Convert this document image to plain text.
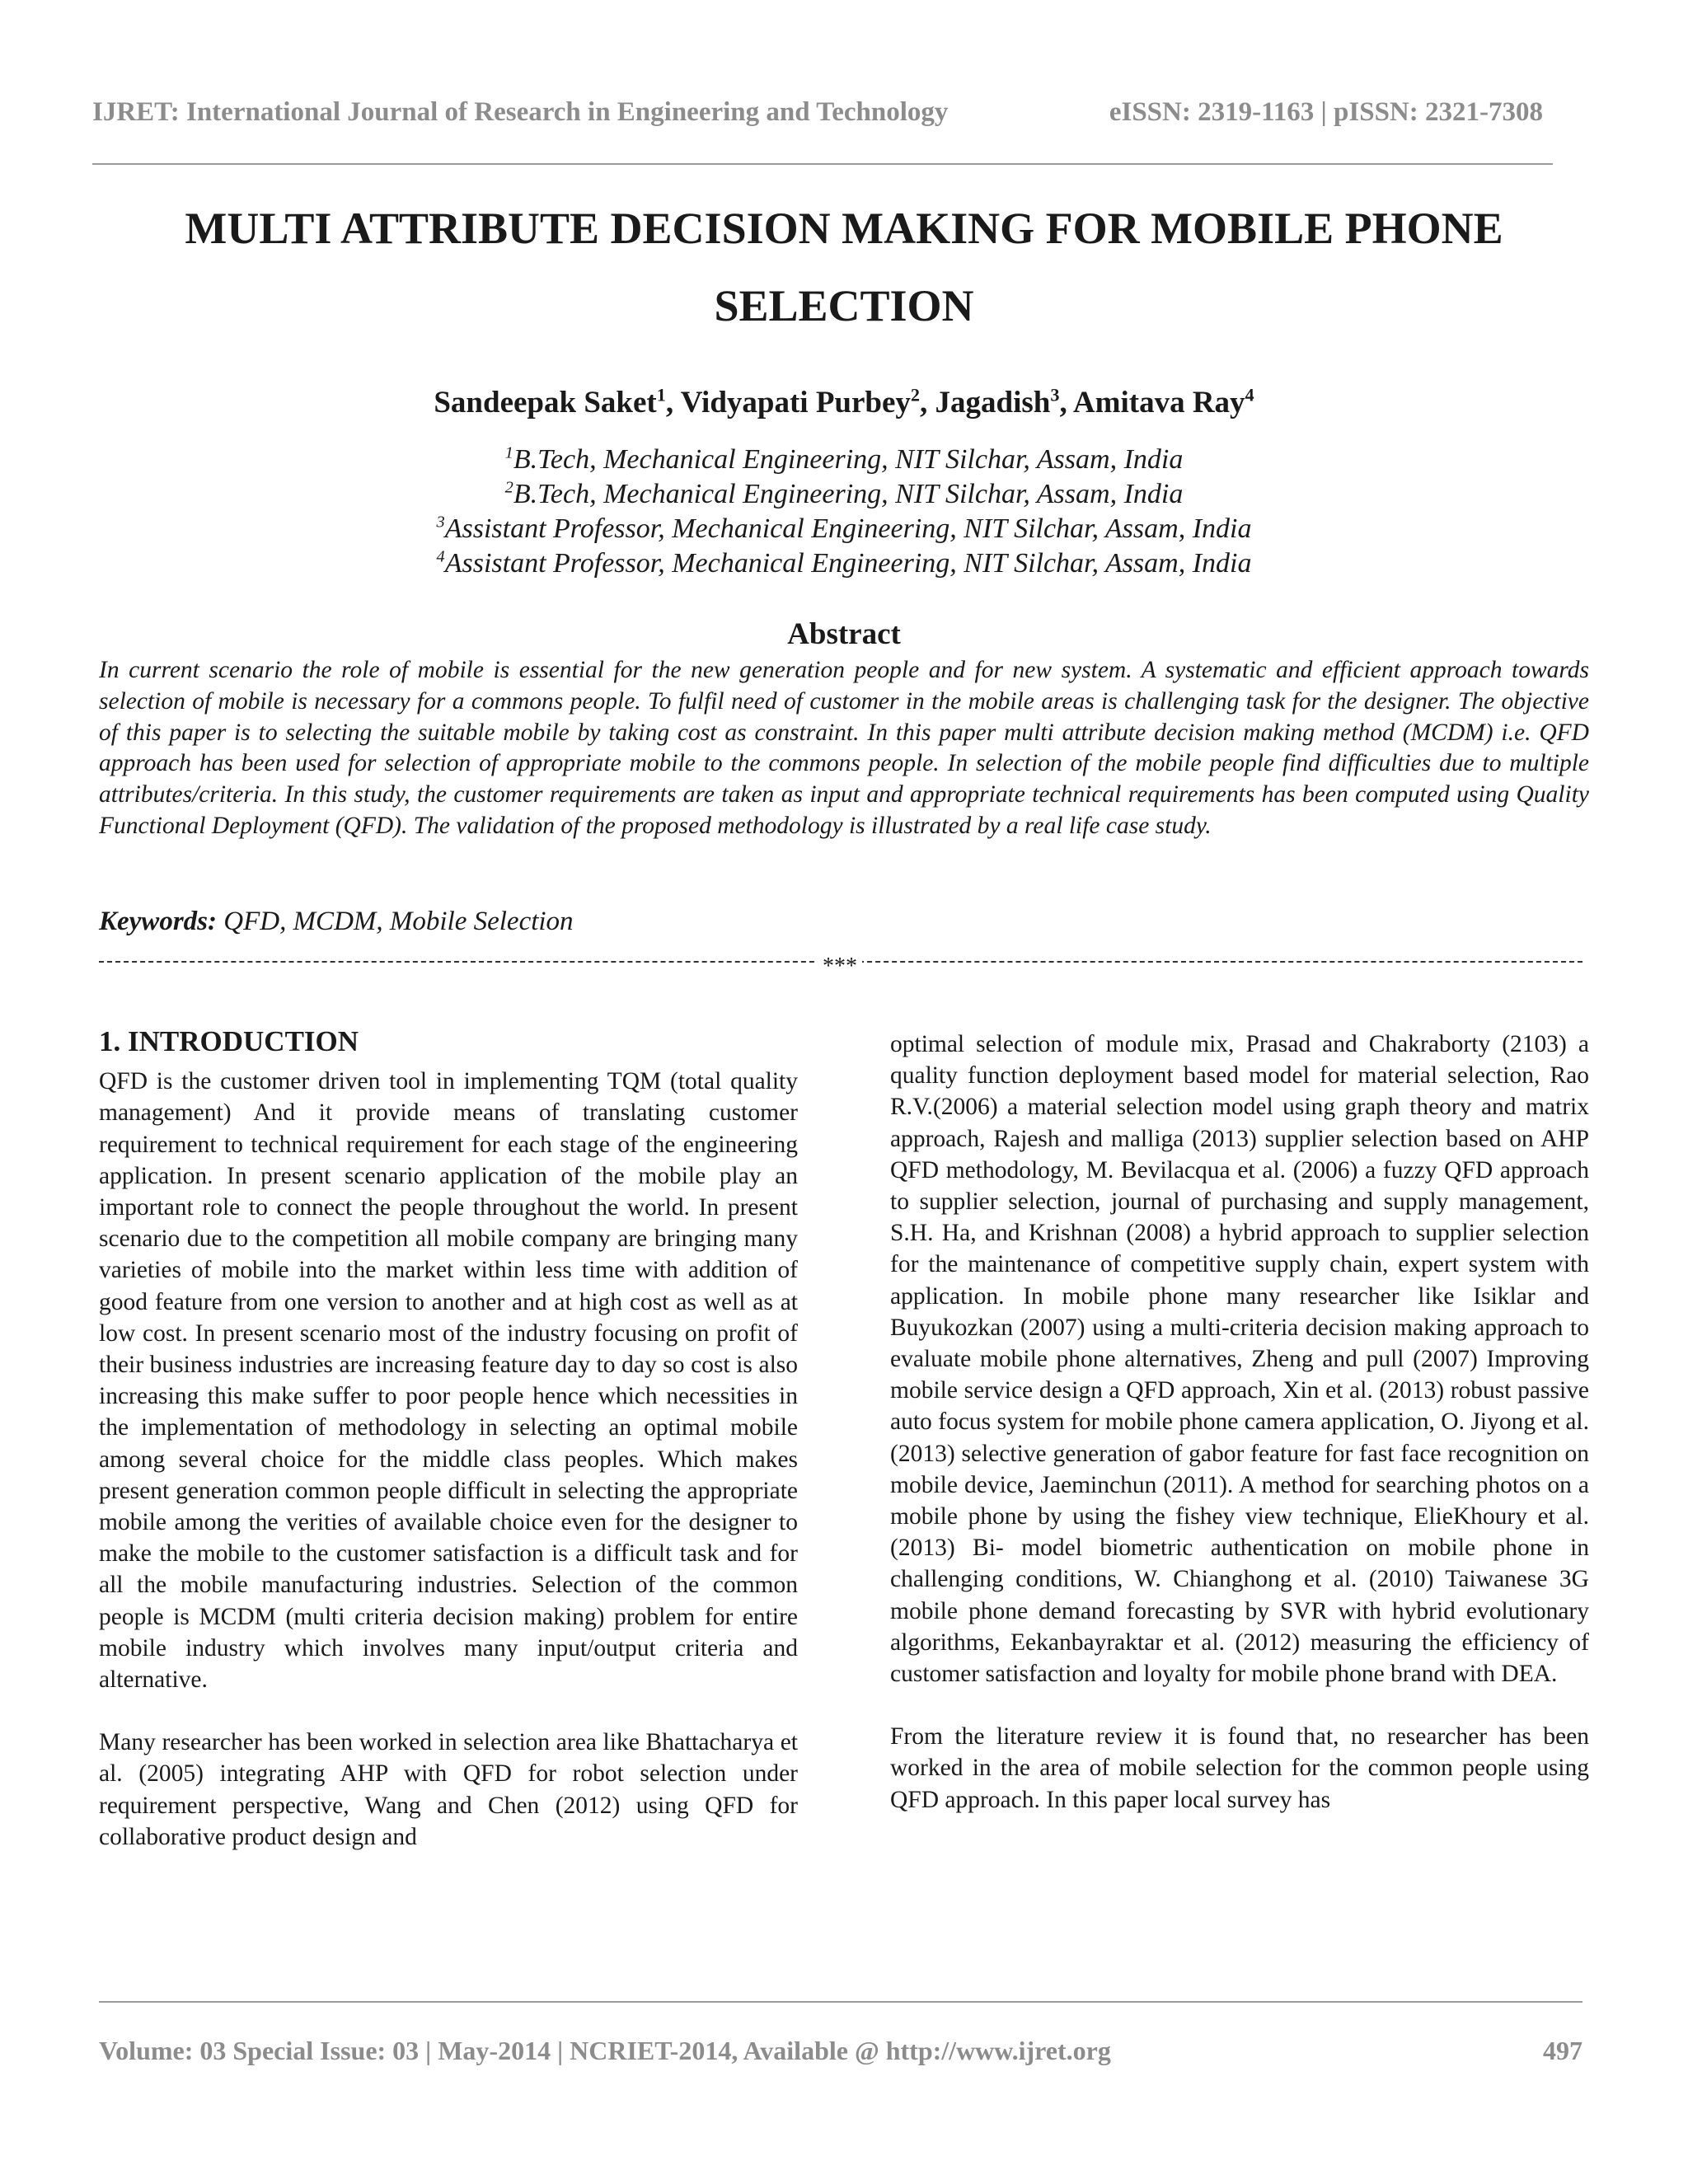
IJRET: International Journal of Research in Engineering and Technology	eISSN: 2319-1163 | pISSN: 2321-7308
MULTI ATTRIBUTE DECISION MAKING FOR MOBILE PHONE
SELECTION
Sandeepak Saket$^1$, Vidyapati Purbey$^2$, Jagadish$^3$, Amitava Ray$^4$
$^1$B.Tech, Mechanical Engineering, NIT Silchar, Assam, India
$^2$B.Tech, Mechanical Engineering, NIT Silchar, Assam, India
$^3$Assistant Professor, Mechanical Engineering, NIT Silchar, Assam, India
$^4$Assistant Professor, Mechanical Engineering, NIT Silchar, Assam, India
Abstract
In current scenario the role of mobile is essential for the new generation people and for new system. A systematic and efficient approach towards selection of mobile is necessary for a commons people. To fulfil need of customer in the mobile areas is challenging task for the designer. The objective of this paper is to selecting the suitable mobile by taking cost as constraint. In this paper multi attribute decision making method (MCDM) i.e. QFD approach has been used for selection of appropriate mobile to the commons people. In selection of the mobile people find difficulties due to multiple attributes/criteria. In this study, the customer requirements are taken as input and appropriate technical requirements has been computed using Quality Functional Deployment (QFD). The validation of the proposed methodology is illustrated by a real life case study.
Keywords: QFD, MCDM, Mobile Selection
***
1. INTRODUCTION

QFD is the customer driven tool in implementing TQM (total quality management) And it provide means of translating customer requirement to technical requirement for each stage of the engineering application. In present scenario application of the mobile play an important role to connect the people throughout the world. In present scenario due to the competition all mobile company are bringing many varieties of mobile into the market within less time with addition of good feature from one version to another and at high cost as well as at low cost. In present scenario most of the industry focusing on profit of their business industries are increasing feature day to day so cost is also increasing this make suffer to poor people hence which necessities in the implementation of methodology in selecting an optimal mobile among several choice for the middle class peoples. Which makes present generation common people difficult in selecting the appropriate mobile among the verities of available choice even for the designer to make the mobile to the customer satisfaction is a difficult task and for all the mobile manufacturing industries. Selection of the common people is MCDM (multi criteria decision making) problem for entire mobile industry which involves many input/output criteria and alternative.

Many researcher has been worked in selection area like Bhattacharya et al. (2005) integrating AHP with QFD for robot selection under requirement perspective, Wang and Chen (2012) using QFD for collaborative product design and

optimal selection of module mix, Prasad and Chakraborty (2103) a quality function deployment based model for material selection, Rao R.V.(2006) a material selection model using graph theory and matrix approach, Rajesh and malliga (2013) supplier selection based on AHP QFD methodology, M. Bevilacqua et al. (2006) a fuzzy QFD approach to supplier selection, journal of purchasing and supply management, S.H. Ha, and Krishnan (2008) a hybrid approach to supplier selection for the maintenance of competitive supply chain, expert system with application. In mobile phone many researcher like Isiklar and Buyukozkan (2007) using a multi-criteria decision making approach to evaluate mobile phone alternatives, Zheng and pull (2007) Improving mobile service design a QFD approach, Xin et al. (2013) robust passive auto focus system for mobile phone camera application, O. Jiyong et al. (2013) selective generation of gabor feature for fast face recognition on mobile device, Jaeminchun (2011). A method for searching photos on a mobile phone by using the fishey view technique, ElieKhoury et al. (2013) Bi- model biometric authentication on mobile phone in challenging conditions, W. Chianghong et al. (2010) Taiwanese 3G mobile phone demand forecasting by SVR with hybrid evolutionary algorithms, Eekanbayraktar et al. (2012) measuring the efficiency of customer satisfaction and loyalty for mobile phone brand with DEA.

From the literature review it is found that, no researcher has been worked in the area of mobile selection for the common people using QFD approach. In this paper local survey has

Volume: 03 Special Issue: 03 | May-2014 | NCRIET-2014, Available @ http://www.ijret.org	497
